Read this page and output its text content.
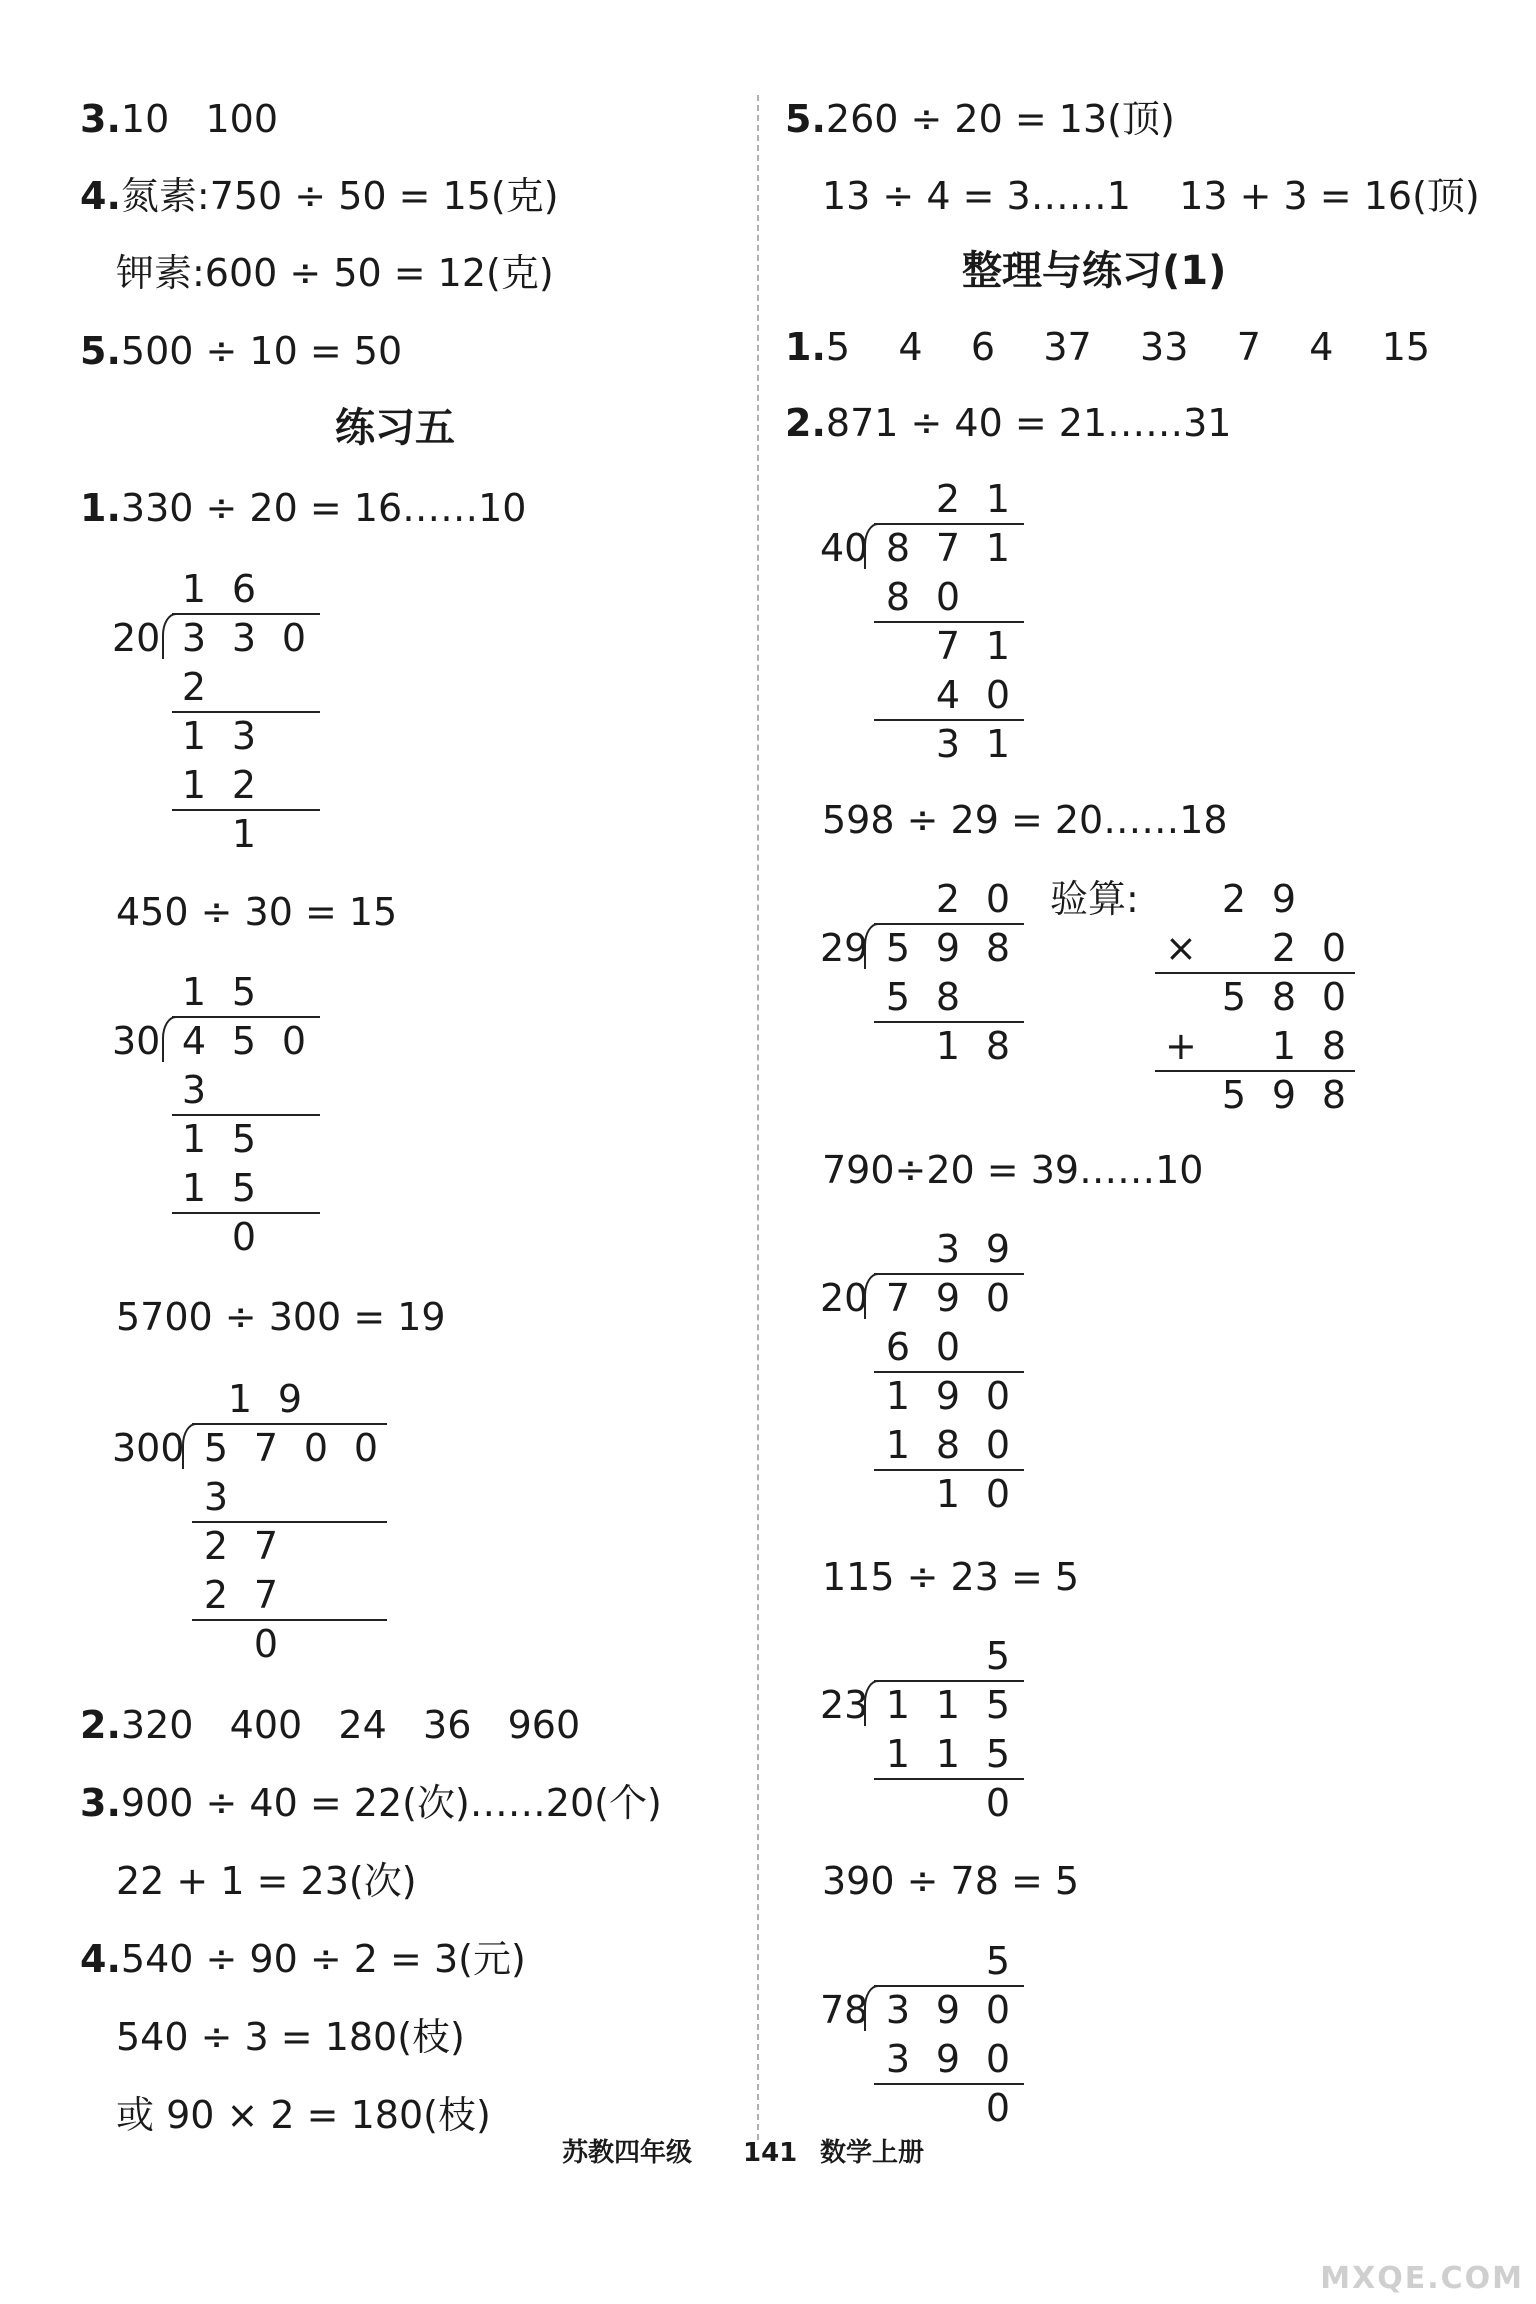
3.10   100
4.氮素:750 ÷ 50 = 15(克)
钾素:600 ÷ 50 = 12(克)
5.500 ÷ 10 = 50
练习五
1.330 ÷ 20 = 16……10
20
1 6
3 3 0
2
1 3
1 2
1
450 ÷ 30 = 15
30
1 5
4 5 0
3
1 5
1 5
0
5700 ÷ 300 = 19
300
1 9
5 7 0 0
3
2 7
2 7
0
2.320   400   24   36   960
3.900 ÷ 40 = 22(次)……20(个)
22 + 1 = 23(次)
4.540 ÷ 90 ÷ 2 = 3(元)
540 ÷ 3 = 180(枝)
或 90 × 2 = 180(枝)
5.260 ÷ 20 = 13(顶)
13 ÷ 4 = 3……1    13 + 3 = 16(顶)
整理与练习(1)
1.5    4    6    37    33    7    4    15
2.871 ÷ 40 = 21……31
40
2 1
8 7 1
8 0
7 1
4 0
3 1
598 ÷ 29 = 20……18
29
2 0
5 9 8
5 8
1 8
验算:	2 9
×	2 0
5 8 0
+	1 8
5 9 8
790÷20 = 39……10
20
3 9
7 9 0
6 0
1 9 0
1 8 0
1 0
115 ÷ 23 = 5
23
5
1 1 5
1 1 5
0
390 ÷ 78 = 5
78
5
3 9 0
3 9 0
0
苏教四年级 141 数学上册
MXQE.COM
